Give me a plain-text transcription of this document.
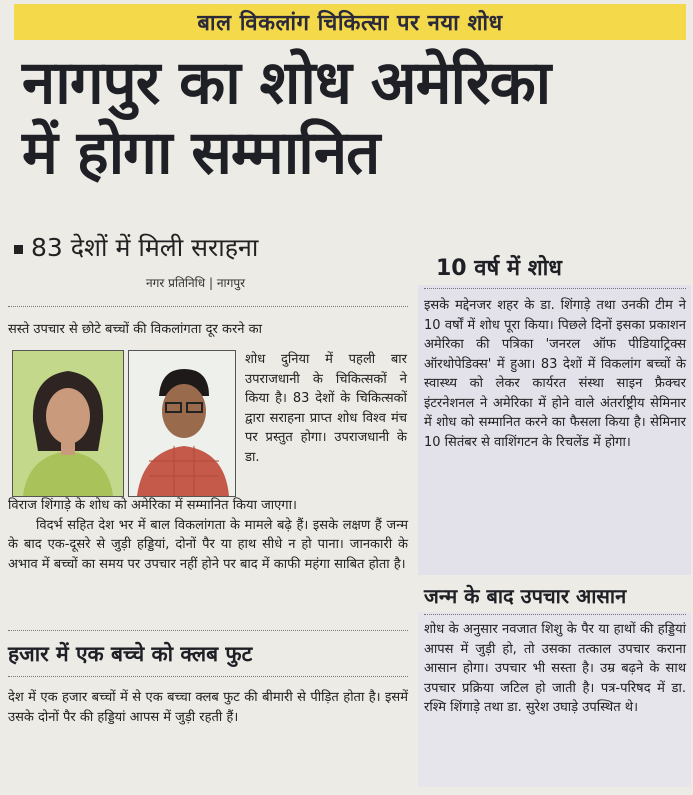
बाल विकलांग चिकित्सा पर नया शोध
नागपुर का शोध अमेरिका
में होगा सम्मानित
83 देशों में मिली सराहना
नगर प्रतिनिधि | नागपुर
सस्ते उपचार से छोटे बच्चों की विकलांगता दूर करने का
शोध दुनिया में पहली बार उपराजधानी के चिकित्सकों ने किया है। 83 देशों के चिकित्सकों द्वारा सराहना प्राप्त शोध विश्व मंच पर प्रस्तुत होगा। उपराजधानी के डा.
विराज शिंगाड़े के शोध को अमेरिका में सम्मानित किया जाएगा।
विदर्भ सहित देश भर में बाल विकलांगता के मामले बढ़े हैं। इसके लक्षण हैं जन्म के बाद एक-दूसरे से जुड़ी हड्डियां, दोनों पैर या हाथ सीधे न हो पाना। जानकारी के अभाव में बच्चों का समय पर उपचार नहीं होने पर बाद में काफी महंगा साबित होता है।
हजार में एक बच्चे को क्लब फुट
देश में एक हजार बच्चों में से एक बच्चा क्लब फुट की बीमारी से पीड़ित होता है। इसमें उसके दोनों पैर की हड्डियां आपस में जुड़ी रहती हैं।
10 वर्ष में शोध
इसके मद्देनजर शहर के डा. शिंगाड़े तथा उनकी टीम ने 10 वर्षों में शोध पूरा किया। पिछले दिनों इसका प्रकाशन अमेरिका की पत्रिका 'जनरल ऑफ पीडियाट्रिक्स ऑरथोपेडिक्स' में हुआ। 83 देशों में विकलांग बच्चों के स्वास्थ्य को लेकर कार्यरत संस्था साइन फ्रैक्चर इंटरनेशनल ने अमेरिका में होने वाले अंतर्राष्ट्रीय सेमिनार में शोध को सम्मानित करने का फैसला किया है। सेमिनार 10 सितंबर से वाशिंगटन के रिचलेंड में होगा।
जन्म के बाद उपचार आसान
शोध के अनुसार नवजात शिशु के पैर या हाथों की हड्डियां आपस में जुड़ी हो, तो उसका तत्काल उपचार कराना आसान होगा। उपचार भी सस्ता है। उम्र बढ़ने के साथ उपचार प्रक्रिया जटिल हो जाती है। पत्र-परिषद में डा. रश्मि शिंगाड़े तथा डा. सुरेश उघाड़े उपस्थित थे।
